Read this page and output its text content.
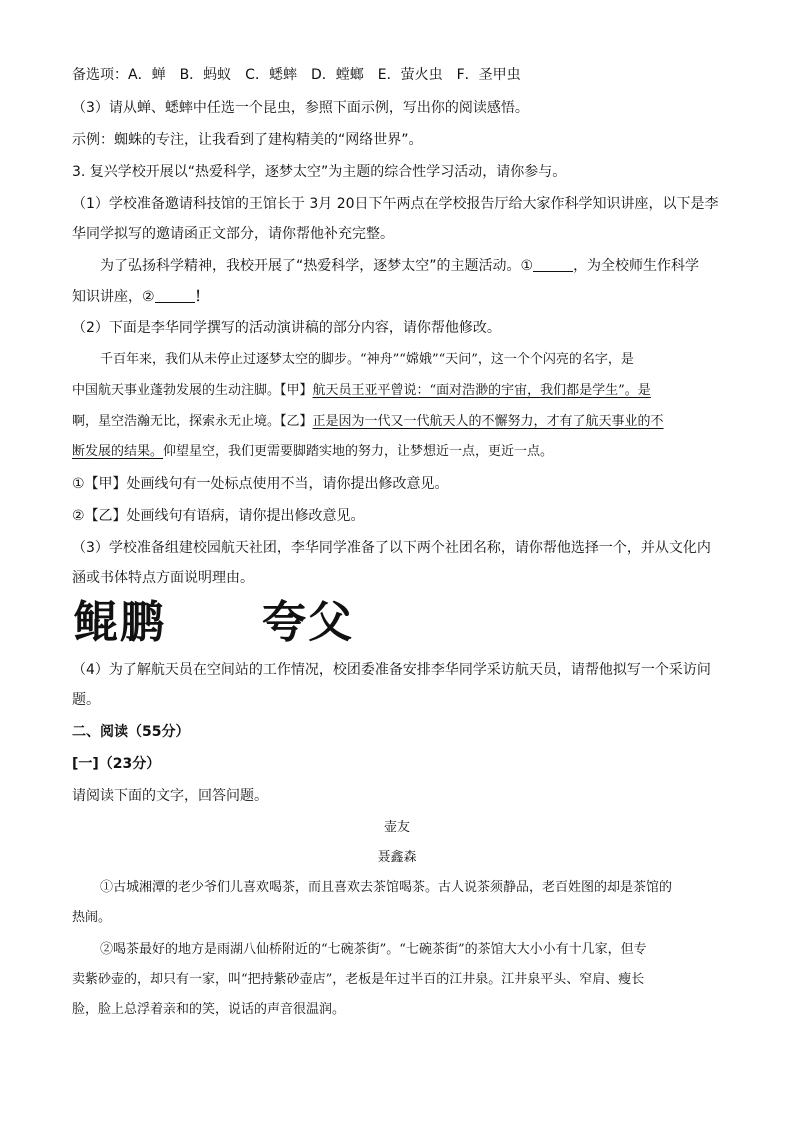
备选项：A．蝉　B．蚂蚁　C．蟋蟀　D．螳螂　E．萤火虫　F．圣甲虫
（3）请从蝉、蟋蟀中任选一个昆虫，参照下面示例，写出你的阅读感悟。
示例：蜘蛛的专注，让我看到了建构精美的“网络世界”。
3. 复兴学校开展以“热爱科学，逐梦太空”为主题的综合性学习活动，请你参与。
（1）学校准备邀请科技馆的王馆长于 3月 20日下午两点在学校报告厅给大家作科学知识讲座，以下是李
华同学拟写的邀请函正文部分，请你帮他补充完整。
为了弘扬科学精神，我校开展了“热爱科学，逐梦太空”的主题活动。①	，为全校师生作科学
知识讲座，②	！
（2）下面是李华同学撰写的活动演讲稿的部分内容，请你帮他修改。
千百年来，我们从未停止过逐梦太空的脚步。“神舟”“嫦娥”“天问”，这一个个闪亮的名字，是
中国航天事业蓬勃发展的生动注脚。【甲】航天员王亚平曾说：“面对浩渺的宇宙，我们都是学生”。是
啊，星空浩瀚无比，探索永无止境。【乙】正是因为一代又一代航天人的不懈努力，才有了航天事业的不
断发展的结果。仰望星空，我们更需要脚踏实地的努力，让梦想近一点，更近一点。
①【甲】处画线句有一处标点使用不当，请你提出修改意见。
②【乙】处画线句有语病，请你提出修改意见。
（3）学校准备组建校园航天社团，李华同学准备了以下两个社团名称，请你帮他选择一个，并从文化内
涵或书体特点方面说明理由。
鲲鹏 夸父
（4）为了解航天员在空间站的工作情况，校团委准备安排李华同学采访航天员，请帮他拟写一个采访问
题。
二、阅读（55分）
[一]（23分）
请阅读下面的文字，回答问题。
壶友
聂鑫森
①古城湘潭的老少爷们儿喜欢喝茶，而且喜欢去茶馆喝茶。古人说茶须静品，老百姓图的却是茶馆的
热闹。
②喝茶最好的地方是雨湖八仙桥附近的“七碗茶街”。“七碗茶街”的茶馆大大小小有十几家，但专
卖紫砂壶的，却只有一家，叫“把持紫砂壶店”，老板是年过半百的江井泉。江井泉平头、窄肩、瘦长
脸，脸上总浮着亲和的笑，说话的声音很温润。
